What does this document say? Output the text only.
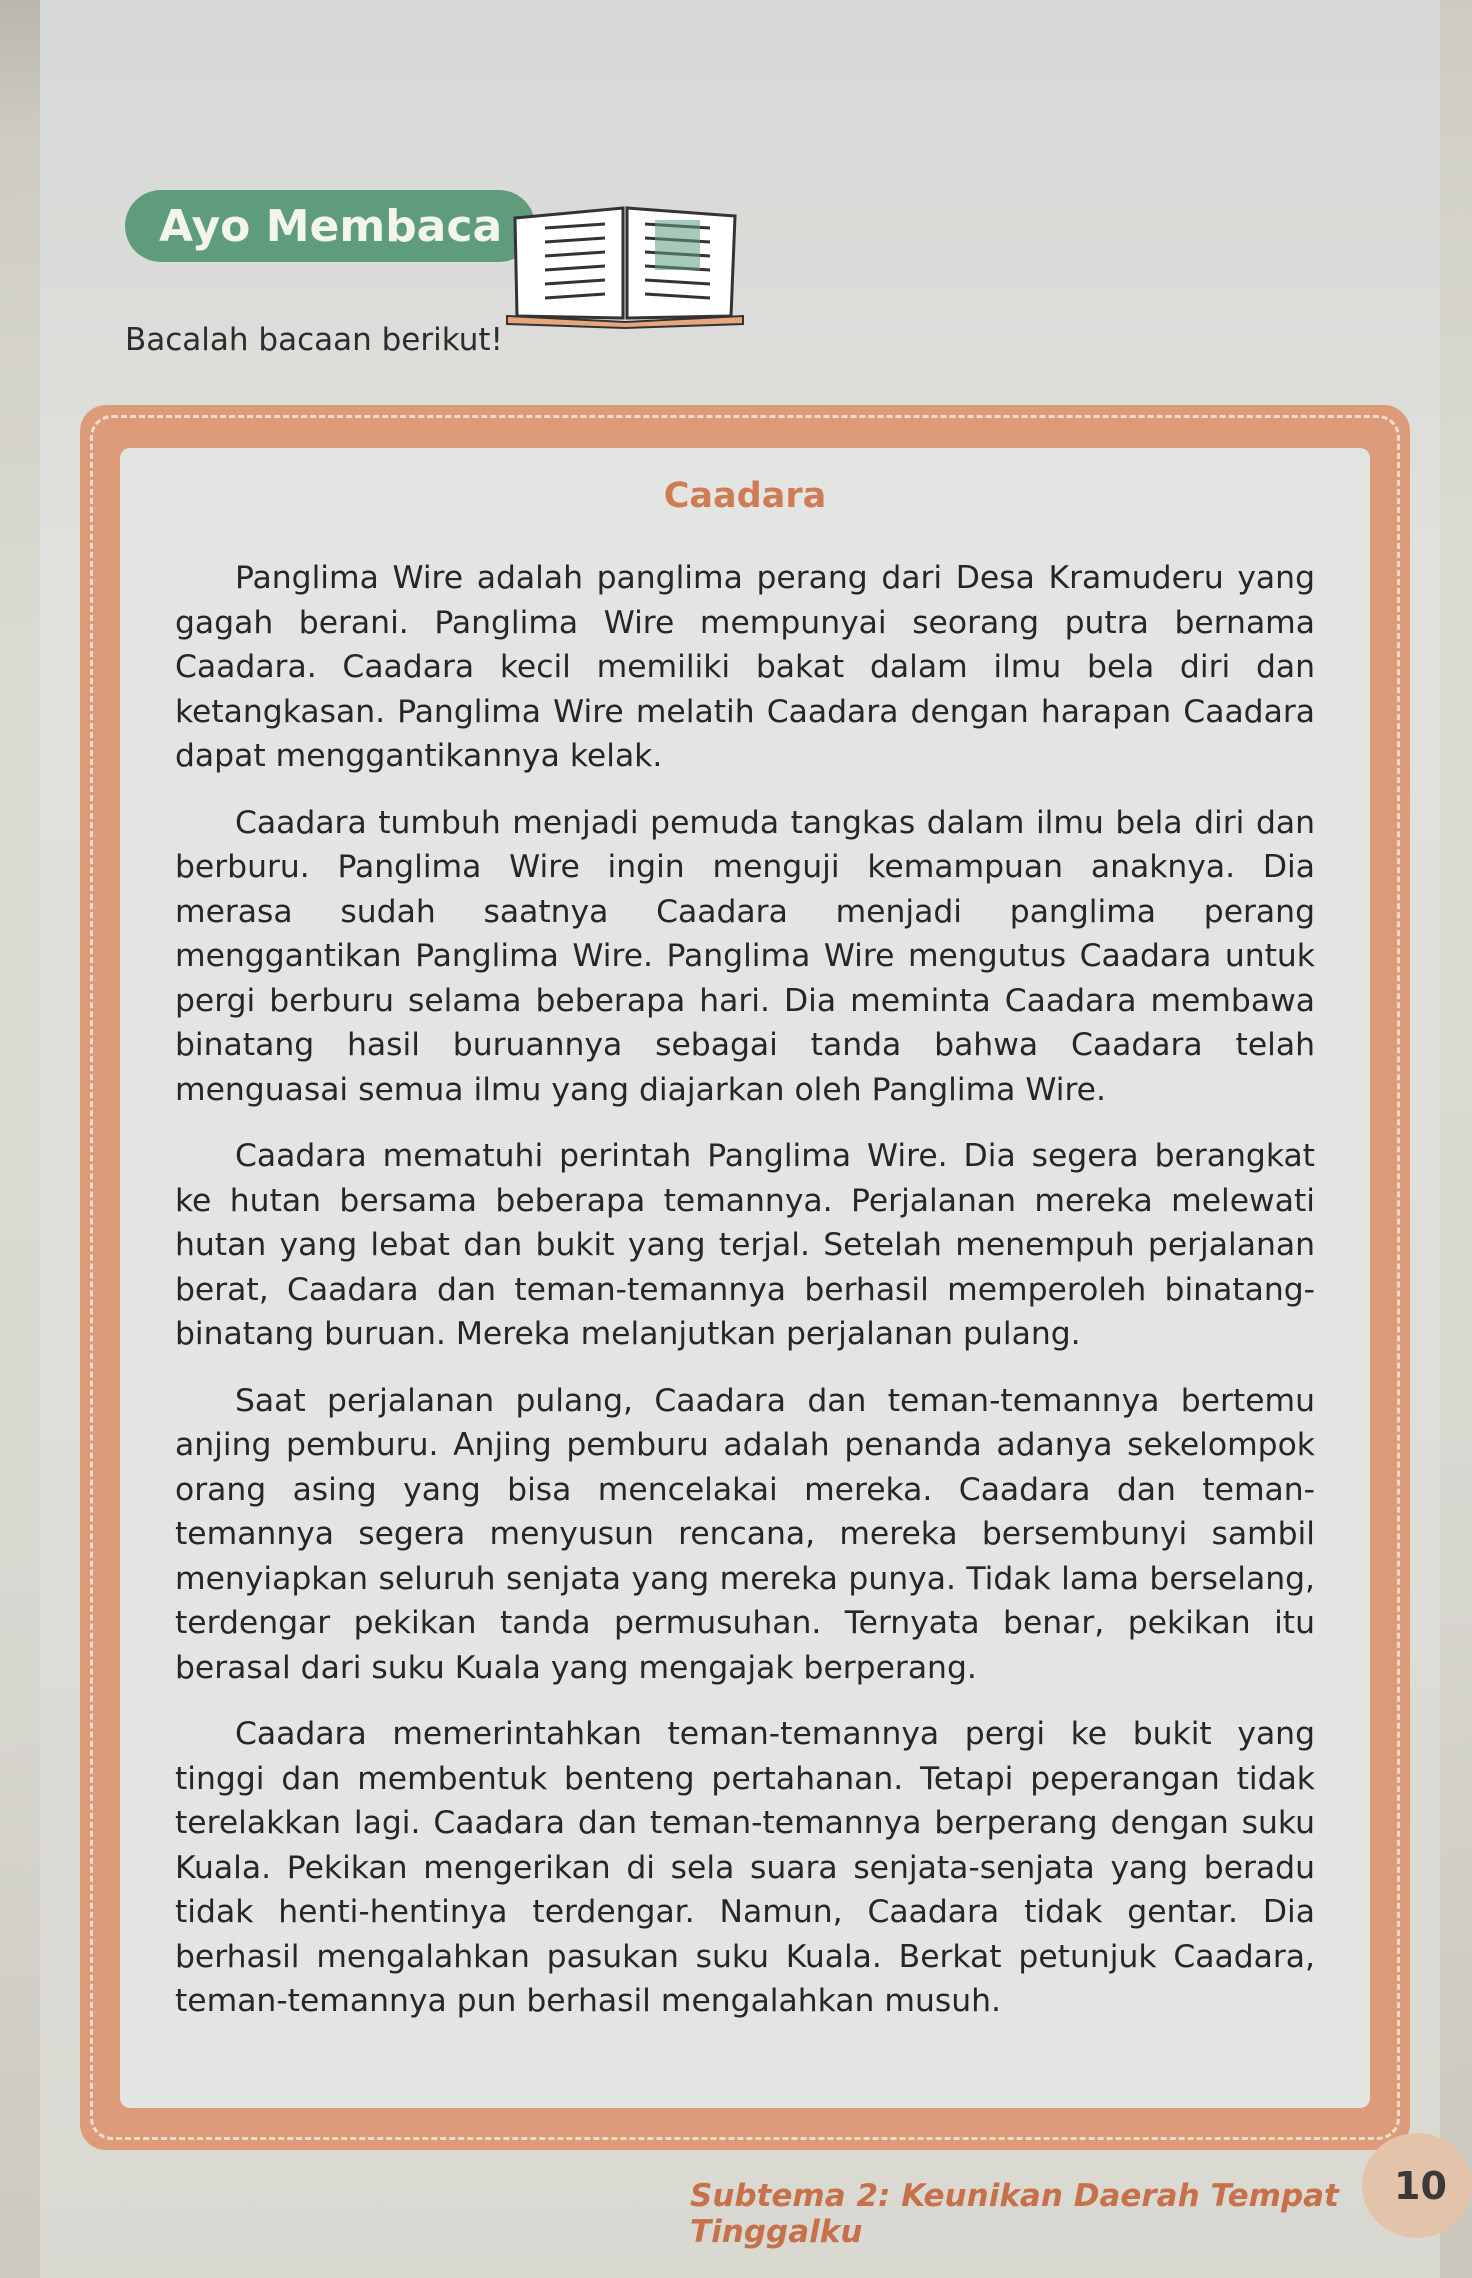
Ayo Membaca
Bacalah bacaan berikut!
Caadara

Panglima Wire adalah panglima perang dari Desa Kramuderu yang gagah berani. Panglima Wire mempunyai seorang putra bernama Caadara. Caadara kecil memiliki bakat dalam ilmu bela diri dan ketangkasan. Panglima Wire melatih Caadara dengan harapan Caadara dapat menggantikannya kelak.

Caadara tumbuh menjadi pemuda tangkas dalam ilmu bela diri dan berburu. Panglima Wire ingin menguji kemampuan anaknya. Dia merasa sudah saatnya Caadara menjadi panglima perang menggantikan Panglima Wire. Panglima Wire mengutus Caadara untuk pergi berburu selama beberapa hari. Dia meminta Caadara membawa binatang hasil buruannya sebagai tanda bahwa Caadara telah menguasai semua ilmu yang diajarkan oleh Panglima Wire.

Caadara mematuhi perintah Panglima Wire. Dia segera berangkat ke hutan bersama beberapa temannya. Perjalanan mereka melewati hutan yang lebat dan bukit yang terjal. Setelah menempuh perjalanan berat, Caadara dan teman-temannya berhasil memperoleh binatang-binatang buruan. Mereka melanjutkan perjalanan pulang.

Saat perjalanan pulang, Caadara dan teman-temannya bertemu anjing pemburu. Anjing pemburu adalah penanda adanya sekelompok orang asing yang bisa mencelakai mereka. Caadara dan teman-temannya segera menyusun rencana, mereka bersembunyi sambil menyiapkan seluruh senjata yang mereka punya. Tidak lama berselang, terdengar pekikan tanda permusuhan. Ternyata benar, pekikan itu berasal dari suku Kuala yang mengajak berperang.

Caadara memerintahkan teman-temannya pergi ke bukit yang tinggi dan membentuk benteng pertahanan. Tetapi peperangan tidak terelakkan lagi. Caadara dan teman-temannya berperang dengan suku Kuala. Pekikan mengerikan di sela suara senjata-senjata yang beradu tidak henti-hentinya terdengar. Namun, Caadara tidak gentar. Dia berhasil mengalahkan pasukan suku Kuala. Berkat petunjuk Caadara, teman-temannya pun berhasil mengalahkan musuh.

Subtema 2: Keunikan Daerah Tempat Tinggalku
10
